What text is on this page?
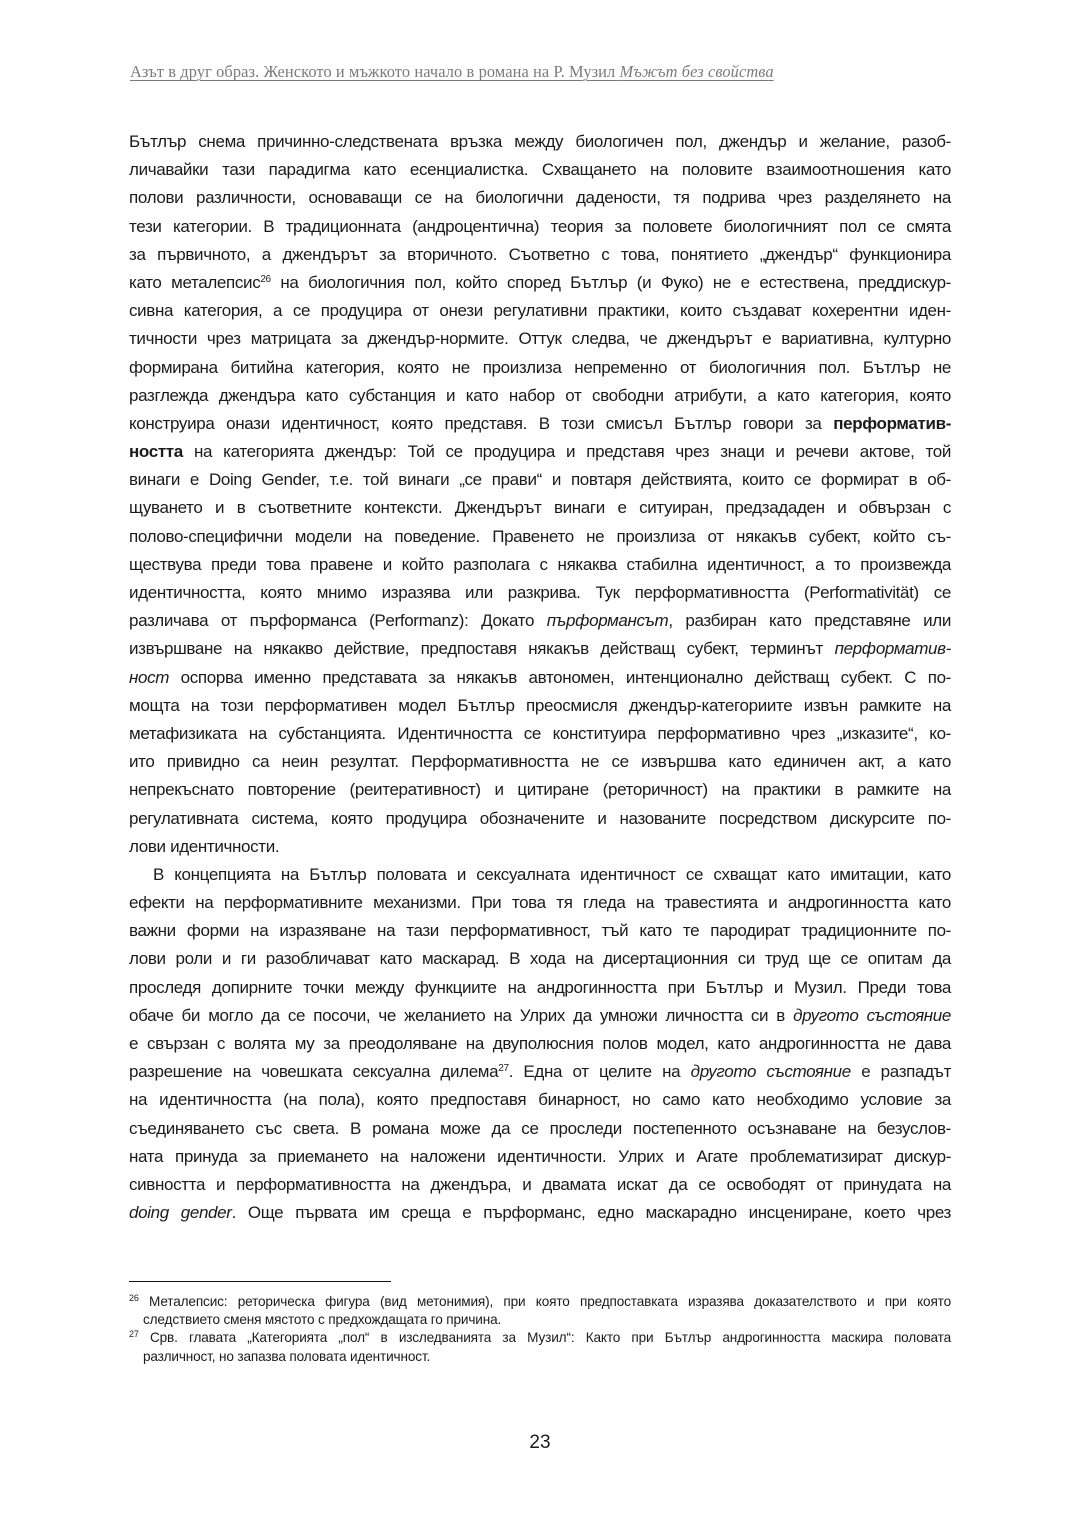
Азът в друг образ. Женското и мъжкото начало в романа на Р. Музил Мъжът без свойства
Бътлър снема причинно-следствената връзка между биологичен пол, джендър и желание, разоб-
личавайки тази парадигма като есенциалистка. Схващането на половите взаимоотношения като
полови различности, основаващи се на биологични дадености, тя подрива чрез разделянето на
тези категории. В традиционната (андроцентична) теория за половете биологичният пол се смята
за първичното, а джендърът за вторичното. Съответно с това, понятието „джендър“ функционира
като металепсис$^{26}$ на биологичния пол, който според Бътлър (и Фуко) не е естествена, преддискур-
сивна категория, а се продуцира от онези регулативни практики, които създават кохерентни иден-
тичности чрез матрицата за джендър-нормите. Оттук следва, че джендърът е вариативна, културно
формирана битийна категория, която не произлиза непременно от биологичния пол. Бътлър не
разглежда джендъра като субстанция и като набор от свободни атрибути, а като категория, която
конструира онази идентичност, която представя. В този смисъл Бътлър говори за перформатив-
ността на категорията джендър: Той се продуцира и представя чрез знаци и речеви актове, той
винаги е Doing Gender, т.е. той винаги „се прави“ и повтаря действията, които се формират в об-
щуването и в съответните контексти. Джендърът винаги е ситуиран, предзададен и обвързан с
полово-специфични модели на поведение. Правенето не произлиза от някакъв субект, който съ-
ществува преди това правене и който разполага с някаква стабилна идентичност, а то произвежда
идентичността, която мнимо изразява или разкрива. Тук перформативността (Performativität) се
различава от пърформанса (Performanz): Докато пърформансът, разбиран като представяне или
извършване на някакво действие, предпоставя някакъв действащ субект, терминът перформатив-
ност оспорва именно представата за някакъв автономен, интенционално действащ субект. С по-
мощта на този перформативен модел Бътлър преосмисля джендър-категориите извън рамките на
метафизиката на субстанцията. Идентичността се конституира перформативно чрез „изказите“, ко-
ито привидно са неин резултат. Перформативността не се извършва като единичен акт, а като
непрекъснато повторение (реитеративност) и цитиране (реторичност) на практики в рамките на
регулативната система, която продуцира обозначените и назованите посредством дискурсите по-
лови идентичности.
В концепцията на Бътлър половата и сексуалната идентичност се схващат като имитации, като
ефекти на перформативните механизми. При това тя гледа на травестията и андрогинността като
важни форми на изразяване на тази перформативност, тъй като те пародират традиционните по-
лови роли и ги разобличават като маскарад. В хода на дисертационния си труд ще се опитам да
проследя допирните точки между функциите на андрогинността при Бътлър и Музил. Преди това
обаче би могло да се посочи, че желанието на Улрих да умножи личността си в другото състояние
е свързан с волята му за преодоляване на двуполюсния полов модел, като андрогинността не дава
разрешение на човешката сексуална дилема$^{27}$. Една от целите на другото състояние е разпадът
на идентичността (на пола), която предпоставя бинарност, но само като необходимо условие за
съединяването със света. В романа може да се проследи постепенното осъзнаване на безуслов-
ната принуда за приемането на наложени идентичности. Улрих и Агате проблематизират дискур-
сивността и перформативността на джендъра, и двамата искат да се освободят от принудата на
doing gender. Още първата им среща е пърформанс, едно маскарадно инсцениране, което чрез
$^{26}$ Металепсис: реторическа фигура (вид метонимия), при която предпоставката изразява доказателството и при която
следствието сменя мястото с предхождащата го причина.
$^{27}$ Срв. главата „Категорията „пол“ в изследванията за Музил“: Както при Бътлър андрогинността маскира половата
различност, но запазва половата идентичност.
23
